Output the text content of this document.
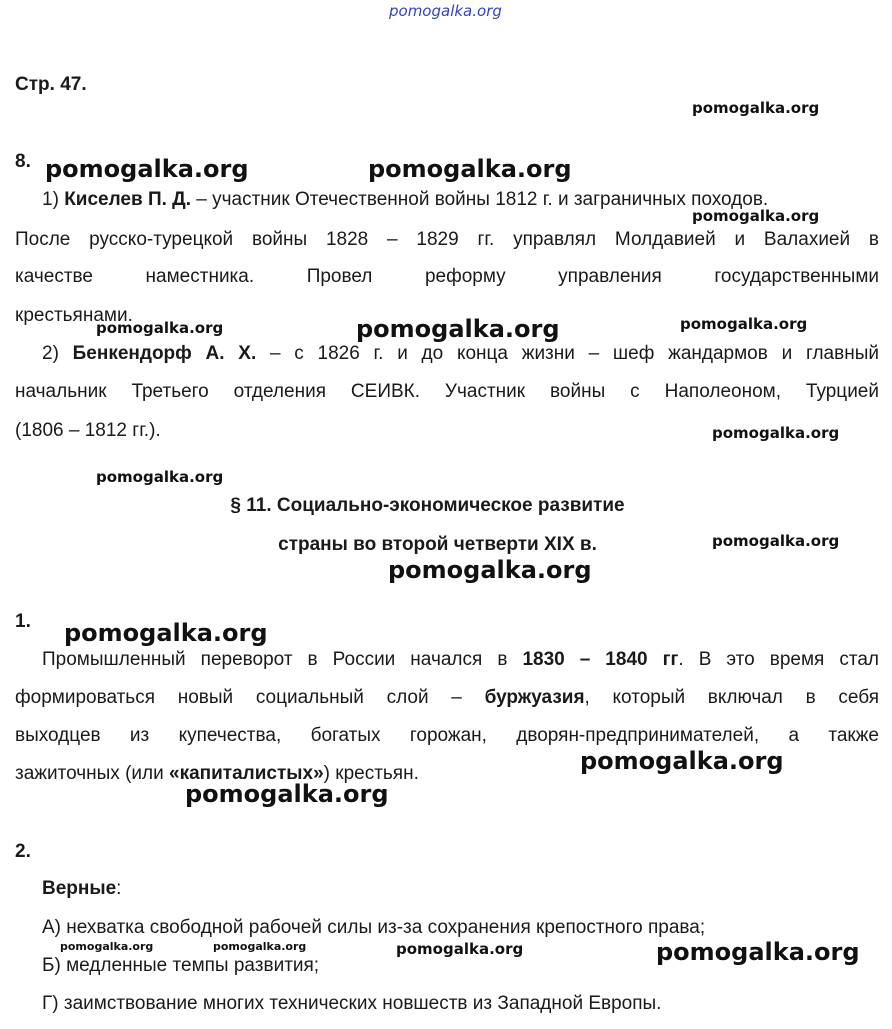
pomogalka.org
Стр. 47.
8.
1) Киселев П. Д. – участник Отечественной войны 1812 г. и заграничных походов.
После русско-турецкой войны 1828 – 1829 гг. управлял Молдавией и Валахией в
качестве наместника. Провел реформу управления государственными
крестьянами.
2) Бенкендорф А. Х. – с 1826 г. и до конца жизни – шеф жандармов и главный
начальник Третьего отделения СЕИВК. Участник войны с Наполеоном, Турцией
(1806 – 1812 гг.).
§ 11. Социально-экономическое развитие
страны во второй четверти XIX в.
1.
Промышленный переворот в России начался в 1830 – 1840 гг. В это время стал
формироваться новый социальный слой – буржуазия, который включал в себя
выходцев из купечества, богатых горожан, дворян-предпринимателей, а также
зажиточных (или «капиталистых») крестьян.
2.
Верные:
А) нехватка свободной рабочей силы из-за сохранения крепостного права;
Б) медленные темпы развития;
Г) заимствование многих технических новшеств из Западной Европы.
pomogalka.org
pomogalka.org	pomogalka.org
pomogalka.org
pomogalka.org	pomogalka.org	pomogalka.org
pomogalka.org
pomogalka.org
pomogalka.org
pomogalka.org
pomogalka.org
pomogalka.org
pomogalka.org
pomogalka.org	pomogalka.org	pomogalka.org	pomogalka.org
